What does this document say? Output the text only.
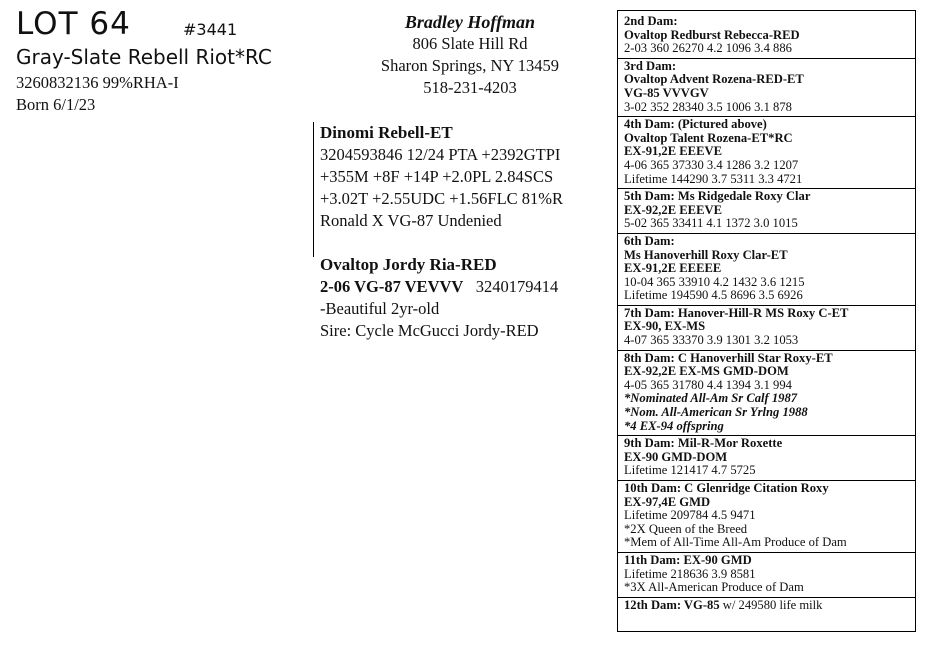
LOT 64	#3441
Gray-Slate Rebell Riot*RC
3260832136 99%RHA-I
Born 6/1/23
Bradley Hoffman
806 Slate Hill Rd
Sharon Springs, NY 13459
518-231-4203
Dinomi Rebell-ET
3204593846 12/24 PTA +2392GTPI
+355M +8F +14P +2.0PL 2.84SCS
+3.02T +2.55UDC +1.56FLC 81%R
Ronald X VG-87 Undenied
Ovaltop Jordy Ria-RED
2-06 VG-87 VEVVV 3240179414
-Beautiful 2yr-old
Sire: Cycle McGucci Jordy-RED
2nd Dam:
Ovaltop Redburst Rebecca-RED
2-03 360 26270 4.2 1096 3.4 886
3rd Dam:
Ovaltop Advent Rozena-RED-ET
VG-85 VVVGV
3-02 352 28340 3.5 1006 3.1 878
4th Dam: (Pictured above)
Ovaltop Talent Rozena-ET*RC
EX-91,2E EEEVE
4-06 365 37330 3.4 1286 3.2 1207
Lifetime 144290 3.7 5311 3.3 4721
5th Dam: Ms Ridgedale Roxy Clar
EX-92,2E EEEVE
5-02 365 33411 4.1 1372 3.0 1015
6th Dam:
Ms Hanoverhill Roxy Clar-ET
EX-91,2E EEEEE
10-04 365 33910 4.2 1432 3.6 1215
Lifetime 194590 4.5 8696 3.5 6926
7th Dam: Hanover-Hill-R MS Roxy C-ET
EX-90, EX-MS
4-07 365 33370 3.9 1301 3.2 1053
8th Dam: C Hanoverhill Star Roxy-ET
EX-92,2E EX-MS GMD-DOM
4-05 365 31780 4.4 1394 3.1 994
*Nominated All-Am Sr Calf 1987
*Nom. All-American Sr Yrlng 1988
*4 EX-94 offspring
9th Dam: Mil-R-Mor Roxette
EX-90 GMD-DOM
Lifetime 121417 4.7 5725
10th Dam: C Glenridge Citation Roxy
EX-97,4E GMD
Lifetime 209784 4.5 9471
*2X Queen of the Breed
*Mem of All-Time All-Am Produce of Dam
11th Dam: EX-90 GMD
Lifetime 218636 3.9 8581
*3X All-American Produce of Dam
12th Dam: VG-85 w/ 249580 life milk
